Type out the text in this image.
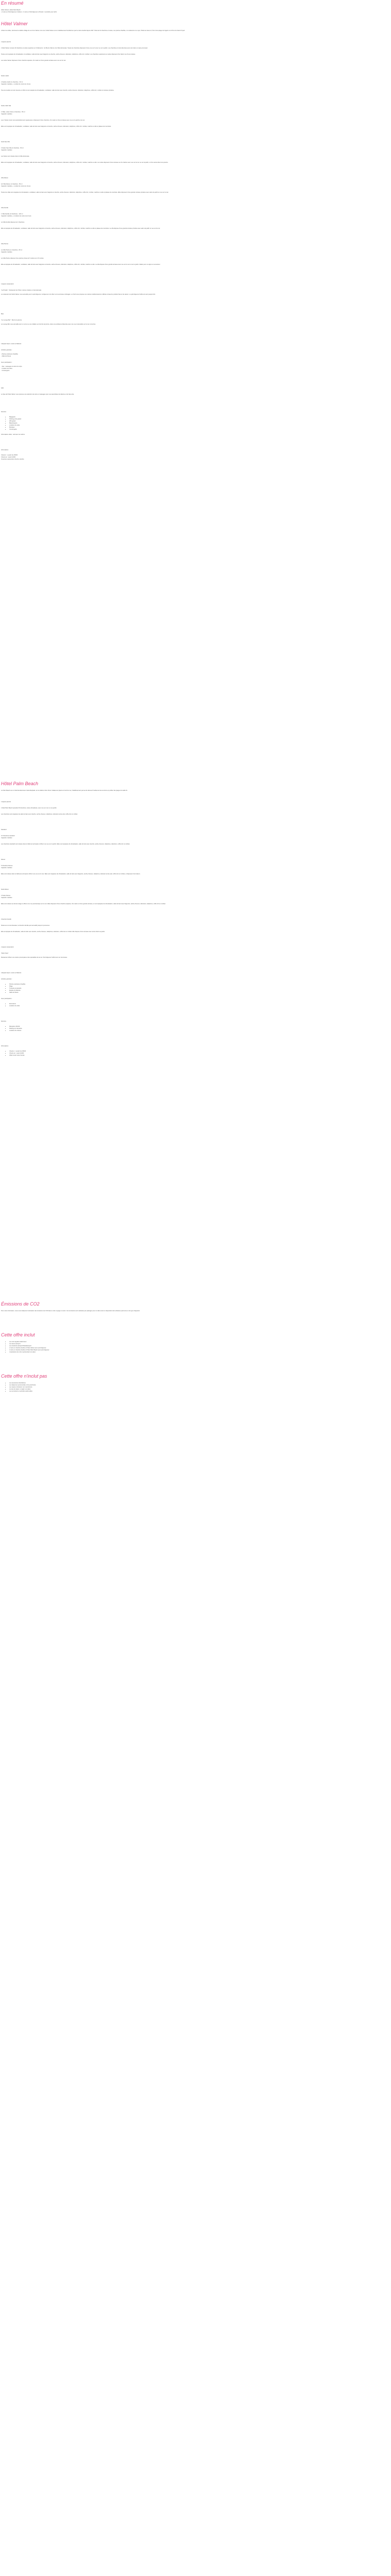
En résumé

Hôtel Valmer | Hôtel Palm Beach

• 2 nuits en Petit déjeuner à Valmer • 4 nuits en Petit déjeuner à Prestel • 4 produits pour tarifs

Hôtel Valmer

A flanc de colline, dominant le célèbre village de La Croix Valmer et la mer, l'Hôtel Valmer est un établissement familial tenu par la même famille depuis 1947. Doté de 42 chambres et suites, une piscine chauffée, un restaurant et un spa, l'hôtel est situé à 1,5 km de la plage de Gigaro et à 15 km de Saint-Tropez.

L'espace piscine

L'hôtel Valmer compte 42 chambres et suites reparties sur 2 bâtiments : la Villa du Valmer et la Villa Hortensias. Toutes les chambres disposent d'une vue sur la mer ou sur le jardin. Les chambres ont été décorées avec soin dans un style provençal.

Toutes sont équipées de climatisation et ventilateur, salle de bain avec baignoire ou douche, sèche-cheveux, télévision, téléphone, coffre-fort, minibar. Les chambres supérieures et suites disposent d'un balcon ou d'une terrasse.

Les suites Valmer disposent d'une chambre séparée, d'un salon et d'une grande terrasse avec vue sur la mer.

Studio Jardin

2 Studios Jardin (1 chambre) - 30 m²

Capacité 2 adultes + 1 enfant de moins de 12 ans

Tous les studios ont été rénovés en 2014 et sont équipés de climatisation, ventilateur, salle de bain avec douche, sèche-cheveux, télévision, téléphone, coffre-fort, minibar et terrasse privative.

Suites Valle Villa

2 Villas, suites Suite (1 chambre) - 55 m²

Capacité 4 adultes

Les 2 Suites Junior sont particulièrement spacieuses et disposent d'une chambre, d'un salon et d'une terrasse avec vue sur le jardin et la mer.

Elles sont équipées de climatisation, ventilateur, salle de bain avec baignoire et douche, sèche-cheveux, télévision, téléphone, coffre-fort, minibar, machine à café et plateau de courtoisie.

Suite Sea Villa

4 Suites Sea Villa (1 chambre) - 50 m²

Capacité 2 adultes

Les Suites sont situées dans la Villa Hortensias.

Elles sont équipées de climatisation, ventilateur, salle de bain avec baignoire et douche, sèche-cheveux, télévision, téléphone, coffre-fort, minibar, machine à café. Les suites disposent d'une terrasse ou d'un balcon avec vue sur la mer ou sur le jardin, et d'un accès direct à la piscine.

Villa Deluxe

1/2 Villa Deluxe (1 chambre) - 65 m²

Capacité 2 adultes + 1 enfant de moins de 12 ans

Toutes les villas sont équipées de climatisation, ventilateur, salle de bain avec baignoire et douche, sèche-cheveux, télévision, téléphone, coffre-fort, minibar, machine à café et plateau de courtoisie. Elles disposent d'une grande terrasse privative avec salon de jardin et vue sur la mer.

Villa Famille

1 Villa Famille (2 chambres) - 120 m²

Capacité 4 adultes + 2 enfants de moins de 12 ans

La Villa Famille dispose de 2 chambres.

Elle est équipée de climatisation, ventilateur, salle de bain avec baignoire et douche, sèche-cheveux, télévision, téléphone, coffre-fort, minibar, machine à café et plateau de courtoisie. La villa dispose d'une grande terrasse privative avec salon de jardin et vue sur la mer.

Villa Piscine

La Villa Piscine (1 chambre) - 80 m²

Capacité 2 adultes

La Villa Piscine dispose d'une piscine privée de 5 mètres sur 2,5 mètres.

Elle est équipée de climatisation, ventilateur, salle de bain avec baignoire et douche, sèche-cheveux, télévision, téléphone, coffre-fort, minibar, machine à café. La villa dispose d'une grande terrasse avec vue sur la mer et sur le jardin. Idéale pour un séjour en amoureux.

L'espace restauration

"La Pinède" : Restaurant de l'hôtel, cuisine créative et internationale.

Le restaurant de l'Hôtel Valmer vous accueille pour le petit déjeuner, le déjeuner et le dîner sur sa terrasse ombragée. Le Chef vous propose une cuisine méditerranéenne raffinée à base de produits frais et de saison. Le petit déjeuner buffet est servi jusqu'à 11h.

Bars

"Le Lounge Bar" : Bar de la piscine

Le Lounge Bar vous accueille pour un verre ou une collation au bord de la piscine, dans une ambiance détendue avec une vue imprenable sur la mer et les îles.

L'Espace Sport, Loisirs et Détente

Activités gratuites :

- Piscine extérieure chauffée

- Salle de fitness

Avec participation :

- Spa : massages et soins du corps

- Location de vélos

- Conciergerie

SPA

Le Spa de l'hôtel Valmer vous propose une sélection de soins et massages pour une parenthèse de détente et de bien-être.

Services

• Bagagerie
• Parking privé gratuit
• Wifi gratuit
• Blanchisserie
• Location de vélos
• Boutique
• Conciergerie

Informations utiles : animaux non admis.

Informations

Check-in : à partir de 15h00

Check-out : avant 11h00

Ouverture saisonnière d'avril à octobre

Hôtel Palm Beach

Le Palm Beach est un hôtel familial situé à Saint-Raphaël, sur la célèbre Côte d'Azur. Idéalement placé en bord de mer, l'établissement permet de découvrir facilement les environs et profiter des plages de sable fin.

L'espace piscine

L'hôtel Palm Beach possède 36 chambres, toutes climatisées, avec vue sur mer ou vue jardin.

Les chambres sont équipées de salle de bain avec douche, sèche-cheveux, téléphone, télévision écran plat, coffre-fort et minibar.

Standard

21 Chambres standard

Capacité 2 adultes

Les chambres standard sont situées dans le bâtiment principal et offrent une vue sur le jardin. Elles sont équipées de climatisation, salle de bain avec douche, sèche-cheveux, téléphone, télévision, coffre-fort et minibar.

Deluxe

5 chambres Deluxe

Capacité 2 adultes

Elles sont situées dans le bâtiment principal et offrent une vue sur la mer. Elles sont équipées de climatisation, salle de bain avec baignoire, sèche-cheveux, téléphone, télévision écran plat, coffre-fort et minibar, et disposent d'un balcon.

Suite Deluxe

2 Suites Deluxe

Capacité 4 adultes

Elles sont situées au dernier étage et offrent une vue panoramique sur la mer. Elles disposent d'une chambre séparée, d'un salon et d'une grande terrasse, et sont équipées de climatisation, salle de bain avec baignoire, sèche-cheveux, télévision, téléphone, coffre-fort et minibar.

Chambre Famille

Située au rez-de-chaussée, la chambre famille peut accueillir jusqu'à 4 personnes.

Elle est équipée de climatisation, salle de bain avec douche, sèche-cheveux, téléphone, télévision, coffre-fort et minibar. Elle dispose d'une terrasse avec accès direct au jardin.

L'espace restauration

"Palm Patio"

Restaurant offrant une cuisine provençale et des spécialités de la mer. Petit déjeuner buffet servi sur la terrasse.

L'Espace Sport, Loisirs et Détente

Activités gratuites :

• Piscine extérieure chauffée
• Plage
• Transats et parasols
• Espace de détente
• Salle de fitness

Avec participation :

• Excursions
• Location de vélos

Services

• Réception 24h/24
• Parking sur demande
• Location de voitures

Informations

• Check-in : à partir de 15h00
• Check-out : avant 11h00
• Hôtel ouvert toute l'année
Émissions de CO2

Pour votre information, nous vous indiquons l'estimation des émissions de CO2 liées à votre voyage en avion. Ces émissions sont calculées par passager pour un aller-retour et dépendent de la distance parcourue et du type d'appareil.

Cette offre inclut
• Les vols réguliers aller/retour
• Les taxes aéroport
• Les transferts aéroport/hôtel/aéroport
• 2 nuits en chambre double à l'hôtel Valmer avec petit déjeuner
• 4 nuits en chambre double à l'hôtel Palm Beach avec petit déjeuner
• L'assistance de notre représentant sur place
Cette offre n'inclut pas
• Les assurances facultatives
• Les dépenses personnelles et les pourboires
• Les repas et boissons non mentionnés
• La taxe de séjour, à régler sur place
• Les excursions et activités optionnelles
